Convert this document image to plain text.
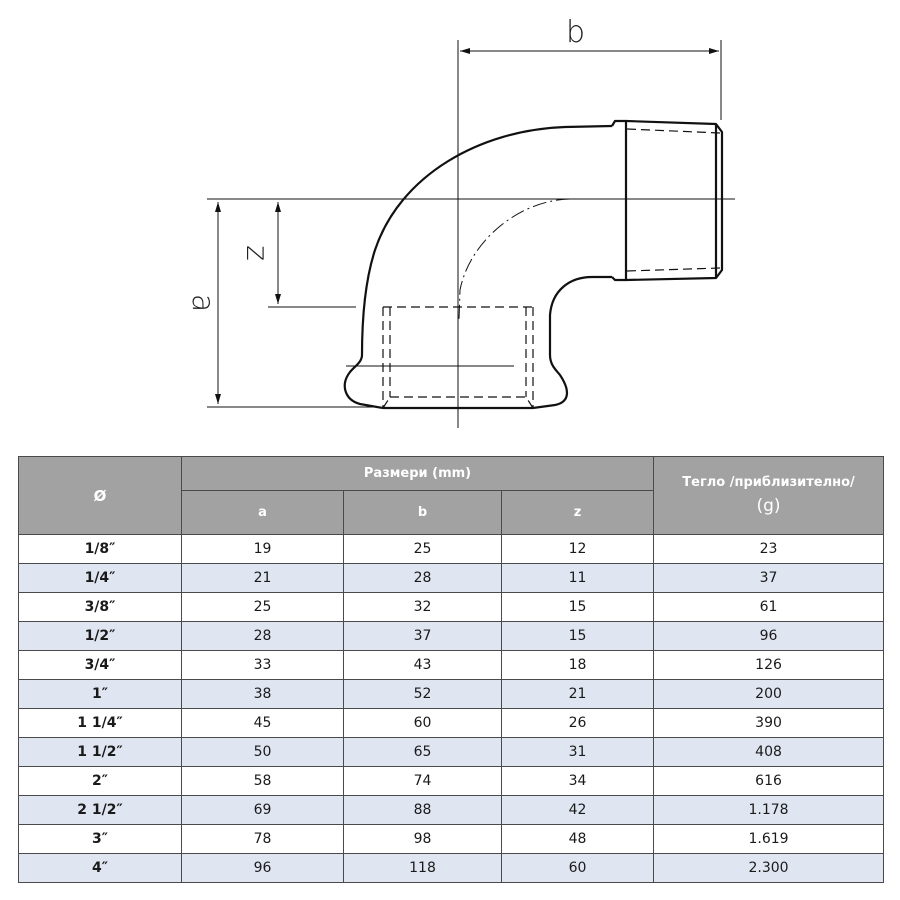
b
z
a
Ø	Размери (mm)			Тегло /приблизително/
(g)

	a	b	z	
1/8″	19	25	12	23
1/4″	21	28	11	37
3/8″	25	32	15	61
1/2″	28	37	15	96
3/4″	33	43	18	126
1″	38	52	21	200
1 1/4″	45	60	26	390
1 1/2″	50	65	31	408
2″	58	74	34	616
2 1/2″	69	88	42	1.178
3″	78	98	48	1.619
4″	96	118	60	2.300
